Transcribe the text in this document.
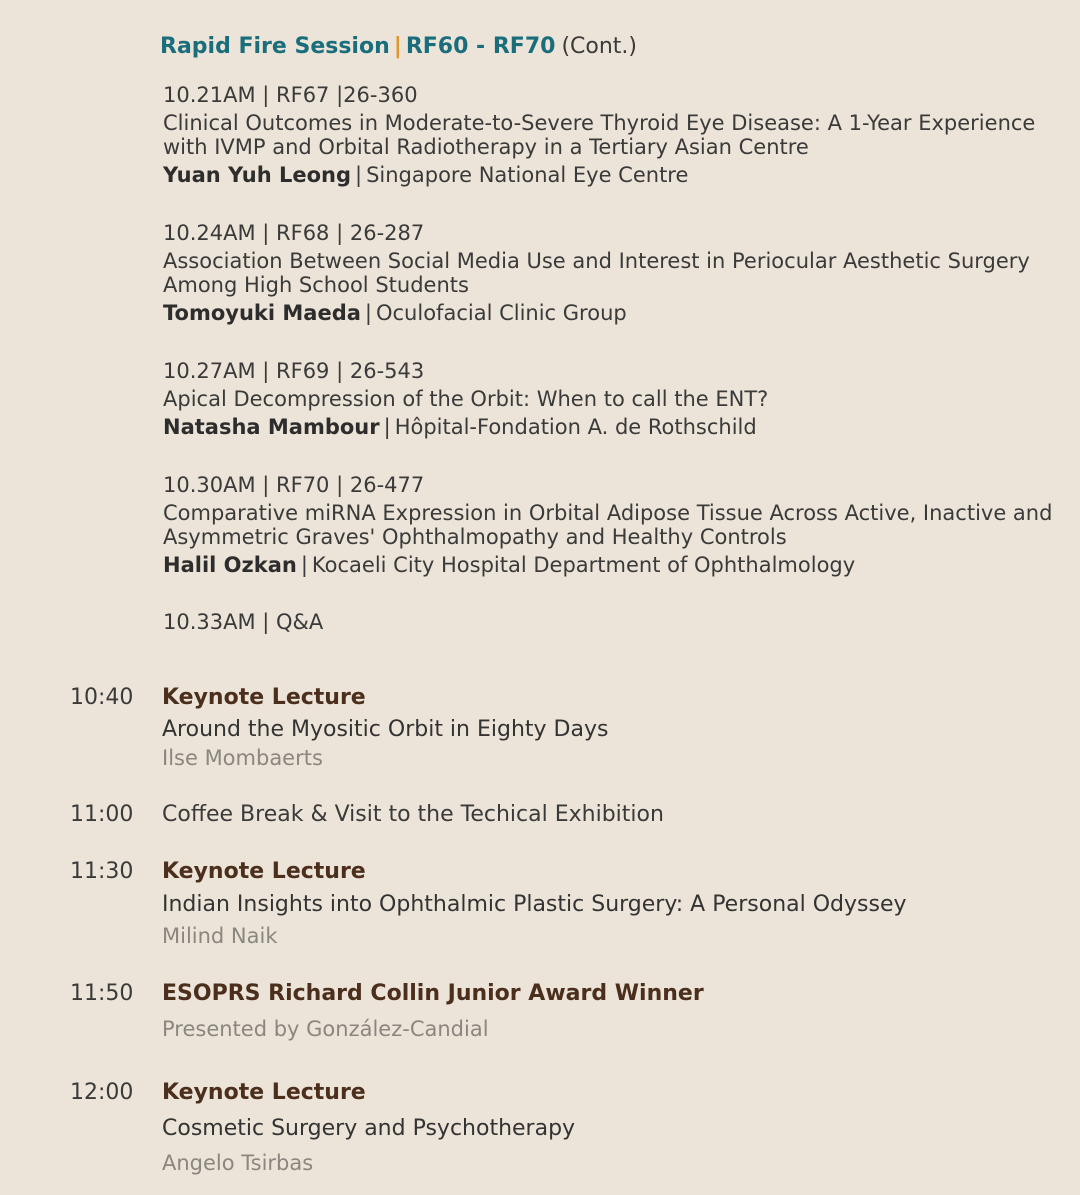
Rapid Fire Session | RF60 - RF70 (Cont.)
10.21AM | RF67 |26-360
Clinical Outcomes in Moderate-to-Severe Thyroid Eye Disease: A 1-Year Experience with IVMP and Orbital Radiotherapy in a Tertiary Asian Centre
Yuan Yuh Leong | Singapore National Eye Centre
10.24AM | RF68 | 26-287
Association Between Social Media Use and Interest in Periocular Aesthetic Surgery Among High School Students
Tomoyuki Maeda | Oculofacial Clinic Group
10.27AM | RF69 | 26-543
Apical Decompression of the Orbit: When to call the ENT?
Natasha Mambour | Hôpital-Fondation A. de Rothschild
10.30AM | RF70 | 26-477
Comparative miRNA Expression in Orbital Adipose Tissue Across Active, Inactive and Asymmetric Graves' Ophthalmopathy and Healthy Controls
Halil Ozkan | Kocaeli City Hospital Department of Ophthalmology
10.33AM | Q&A
10:40 Keynote Lecture
Around the Myositic Orbit in Eighty Days
Ilse Mombaerts
11:00 Coffee Break & Visit to the Techical Exhibition
11:30 Keynote Lecture
Indian Insights into Ophthalmic Plastic Surgery: A Personal Odyssey
Milind Naik
11:50 ESOPRS Richard Collin Junior Award Winner
Presented by González-Candial
12:00 Keynote Lecture
Cosmetic Surgery and Psychotherapy
Angelo Tsirbas
